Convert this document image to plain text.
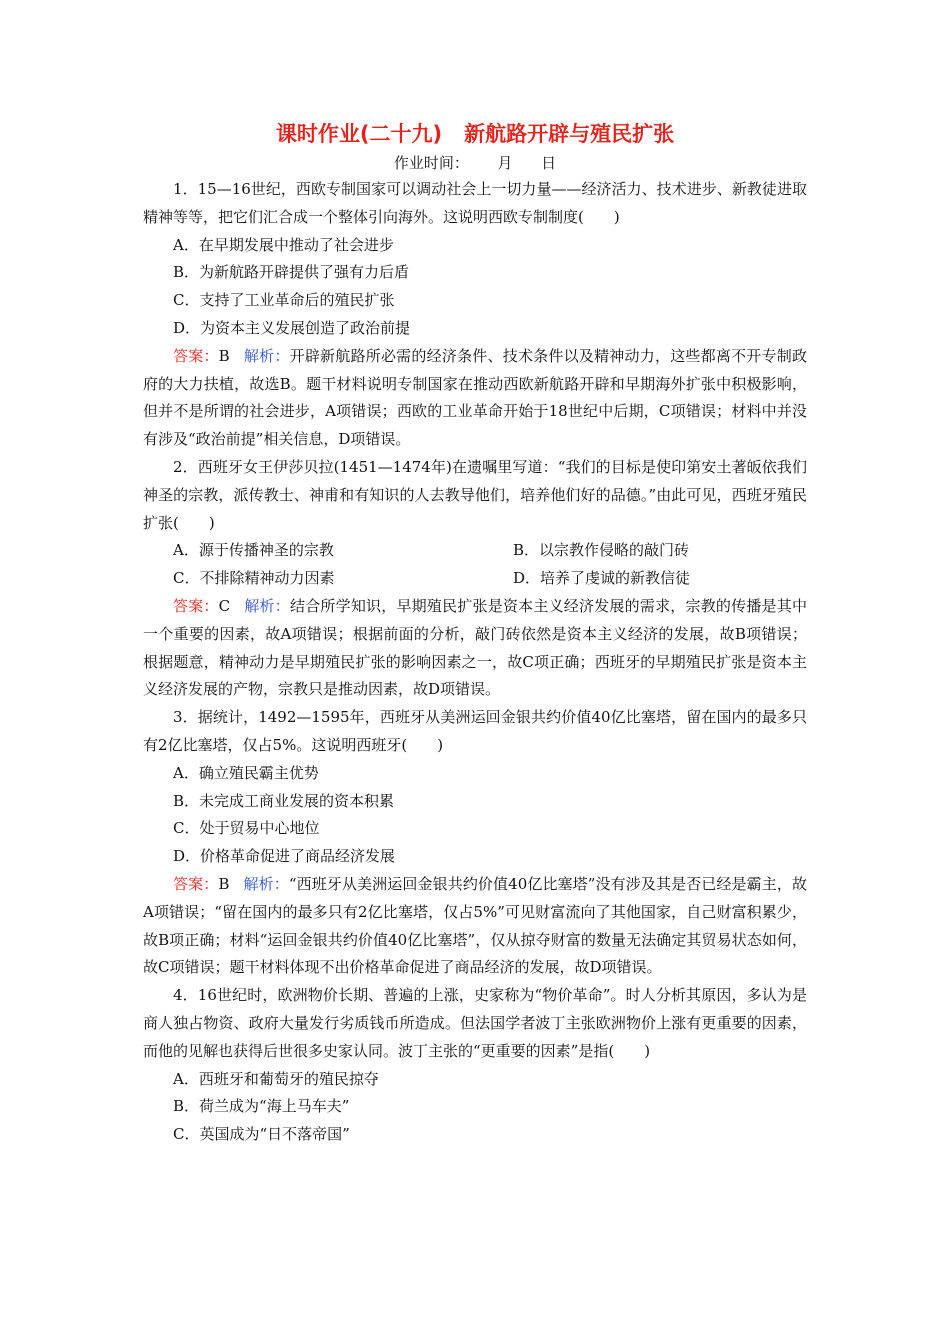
课时作业(二十九) 新航路开辟与殖民扩张
作业时间：      月      日

1．15—16世纪，西欧专制国家可以调动社会上一切力量——经济活力、技术进步、新教徒进取精神等等，把它们汇合成一个整体引向海外。这说明西欧专制制度(　　)

A．在早期发展中推动了社会进步

B．为新航路开辟提供了强有力后盾

C．支持了工业革命后的殖民扩张

D．为资本主义发展创造了政治前提

答案：B 解析：开辟新航路所必需的经济条件、技术条件以及精神动力，这些都离不开专制政府的大力扶植，故选B。题干材料说明专制国家在推动西欧新航路开辟和早期海外扩张中积极影响，但并不是所谓的社会进步，A项错误；西欧的工业革命开始于18世纪中后期，C项错误；材料中并没有涉及“政治前提”相关信息，D项错误。

2．西班牙女王伊莎贝拉(1451—1474年)在遗嘱里写道：“我们的目标是使印第安土著皈依我们神圣的宗教，派传教士、神甫和有知识的人去教导他们，培养他们好的品德。”由此可见，西班牙殖民扩张(　　)

A．源于传播神圣的宗教	B．以宗教作侵略的敲门砖
C．不排除精神动力因素	D．培养了虔诚的新教信徒

答案：C 解析：结合所学知识，早期殖民扩张是资本主义经济发展的需求，宗教的传播是其中一个重要的因素，故A项错误；根据前面的分析，敲门砖依然是资本主义经济的发展，故B项错误；根据题意，精神动力是早期殖民扩张的影响因素之一，故C项正确；西班牙的早期殖民扩张是资本主义经济发展的产物，宗教只是推动因素，故D项错误。

3．据统计，1492—1595年，西班牙从美洲运回金银共约价值40亿比塞塔，留在国内的最多只有2亿比塞塔，仅占5%。这说明西班牙(　　)

A．确立殖民霸主优势

B．未完成工商业发展的资本积累

C．处于贸易中心地位

D．价格革命促进了商品经济发展

答案：B 解析：“西班牙从美洲运回金银共约价值40亿比塞塔”没有涉及其是否已经是霸主，故A项错误；“留在国内的最多只有2亿比塞塔，仅占5%”可见财富流向了其他国家，自己财富积累少，故B项正确；材料“运回金银共约价值40亿比塞塔”，仅从掠夺财富的数量无法确定其贸易状态如何，故C项错误；题干材料体现不出价格革命促进了商品经济的发展，故D项错误。

4．16世纪时，欧洲物价长期、普遍的上涨，史家称为“物价革命”。时人分析其原因，多认为是商人独占物资、政府大量发行劣质钱币所造成。但法国学者波丁主张欧洲物价上涨有更重要的因素，而他的见解也获得后世很多史家认同。波丁主张的“更重要的因素”是指(　　)

A．西班牙和葡萄牙的殖民掠夺

B．荷兰成为“海上马车夫”

C．英国成为“日不落帝国”
